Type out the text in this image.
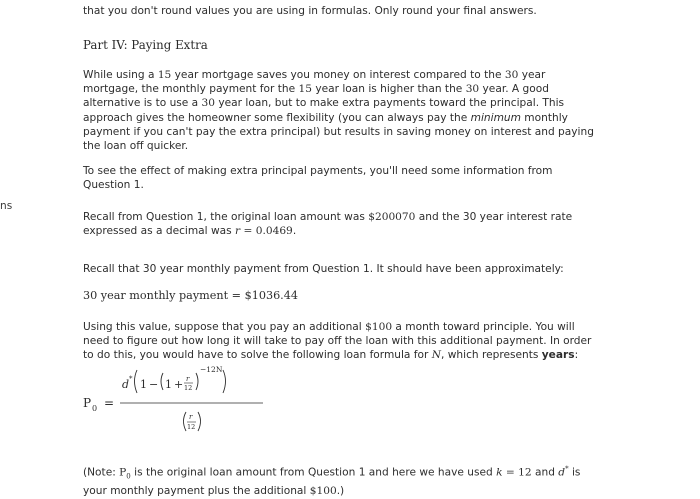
ns

that you don't round values you are using in formulas. Only round your final answers.

Part IV: Paying Extra

While using a 15 year mortgage saves you money on interest compared to the 30 year mortgage, the monthly payment for the 15 year loan is higher than the 30 year. A good alternative is to use a 30 year loan, but to make extra payments toward the principal. This approach gives the homeowner some flexibility (you can always pay the minimum monthly payment if you can't pay the extra principal) but results in saving money on interest and paying the loan off quicker.

To see the effect of making extra principal payments, you'll need some information from Question 1.

Recall from Question 1, the original loan amount was $200070 and the 30 year interest rate expressed as a decimal was r = 0.0469.

Recall that 30 year monthly payment from Question 1. It should have been approximately:

30 year monthly payment = $1036.44

Using this value, suppose that you pay an additional $100 a month toward principle. You will need to figure out how long it will take to pay off the loan with this additional payment. In order to do this, you would have to solve the following loan formula for N, which represents years:

P 0 =
d * 1 − 1 + r
12
−12N
r
12

(Note: $P_0$ is the original loan amount from Question 1 and here we have used k = 12 and d* is your monthly payment plus the additional $100.)
